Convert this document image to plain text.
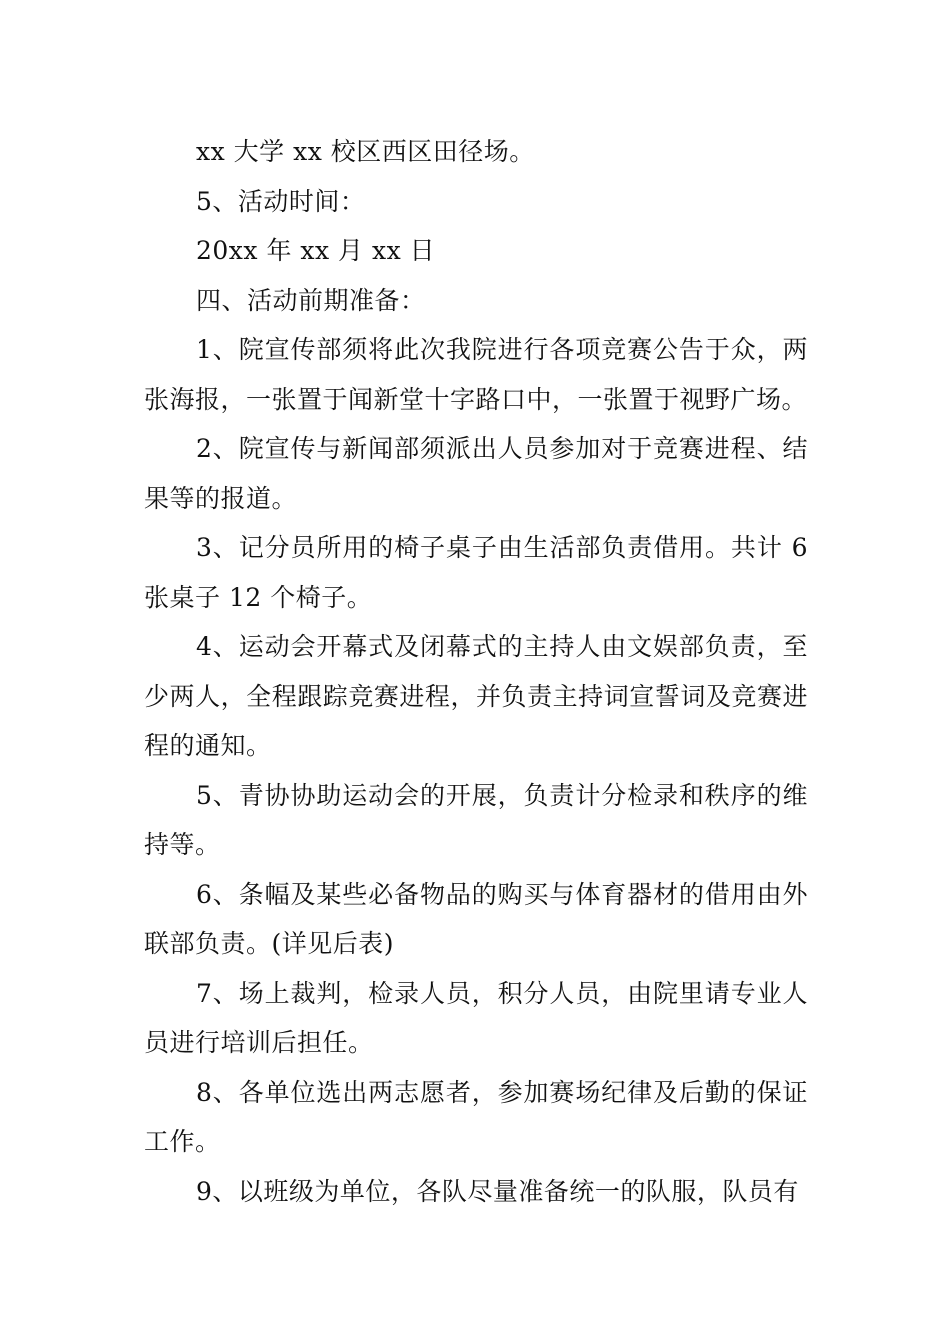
xx 大学 xx 校区西区田径场。

5、活动时间：

20xx 年 xx 月 xx 日

四、活动前期准备：

1、院宣传部须将此次我院进行各项竞赛公告于众，两张海报，一张置于闻新堂十字路口中，一张置于视野广场。

2、院宣传与新闻部须派出人员参加对于竞赛进程、结果等的报道。

3、记分员所用的椅子桌子由生活部负责借用。共计 6 张桌子 12 个椅子。

4、运动会开幕式及闭幕式的主持人由文娱部负责，至少两人，全程跟踪竞赛进程，并负责主持词宣誓词及竞赛进程的通知。

5、青协协助运动会的开展，负责计分检录和秩序的维持等。

6、条幅及某些必备物品的购买与体育器材的借用由外联部负责。(详见后表)

7、场上裁判，检录人员，积分人员，由院里请专业人员进行培训后担任。

8、各单位选出两志愿者，参加赛场纪律及后勤的保证工作。

9、以班级为单位，各队尽量准备统一的队服，队员有
